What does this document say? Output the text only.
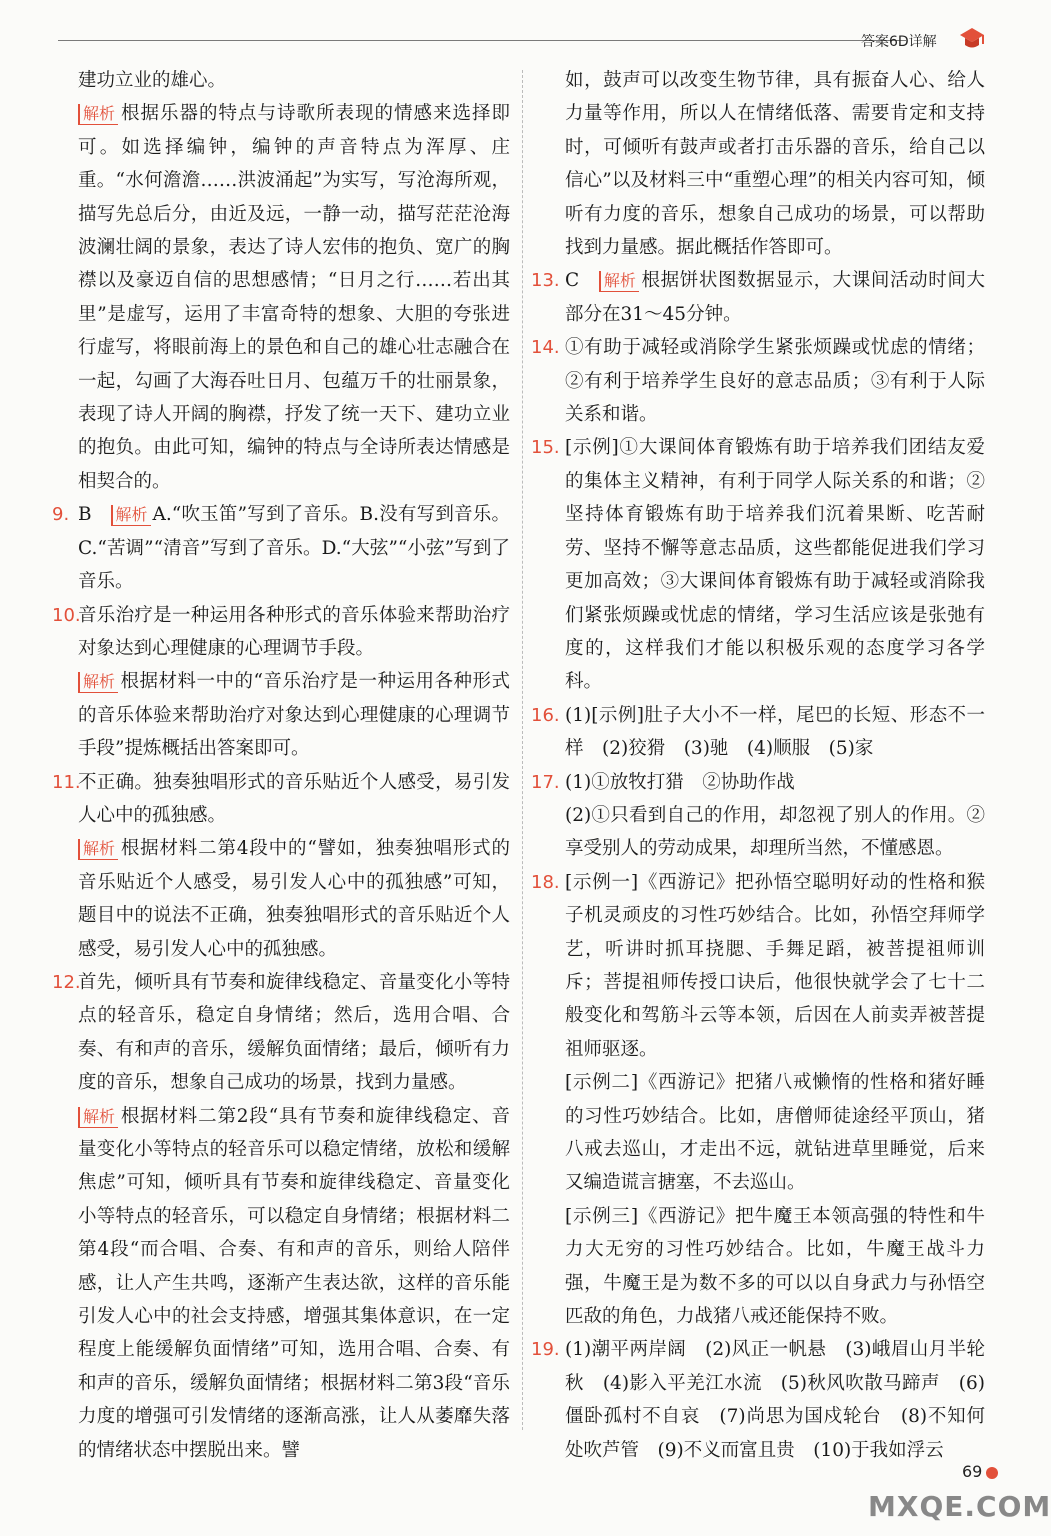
答案6D详解

建功立业的雄心。

解析 根据乐器的特点与诗歌所表现的情感来选择即可。如选择编钟，编钟的声音特点为浑厚、庄重。“水何澹澹……洪波涌起”为实写，写沧海所观，描写先总后分，由近及远，一静一动，描写茫茫沧海波澜壮阔的景象，表达了诗人宏伟的抱负、宽广的胸襟以及豪迈自信的思想感情；“日月之行……若出其里”是虚写，运用了丰富奇特的想象、大胆的夸张进行虚写，将眼前海上的景色和自己的雄心壮志融合在一起，勾画了大海吞吐日月、包蕴万千的壮丽景象，表现了诗人开阔的胸襟，抒发了统一天下、建功立业的抱负。由此可知，编钟的特点与全诗所表达情感是相契合的。

9. B　解析 A.“吹玉笛”写到了音乐。B.没有写到音乐。C.“苦调”“清音”写到了音乐。D.“大弦”“小弦”写到了音乐。

10.
音乐治疗是一种运用各种形式的音乐体验来帮助治疗对象达到心理健康的心理调节手段。

解析 根据材料一中的“音乐治疗是一种运用各种形式的音乐体验来帮助治疗对象达到心理健康的心理调节手段”提炼概括出答案即可。

11.
不正确。独奏独唱形式的音乐贴近个人感受，易引发人心中的孤独感。

解析 根据材料二第4段中的“譬如，独奏独唱形式的音乐贴近个人感受，易引发人心中的孤独感”可知，题目中的说法不正确，独奏独唱形式的音乐贴近个人感受，易引发人心中的孤独感。

12.
首先，倾听具有节奏和旋律线稳定、音量变化小等特点的轻音乐，稳定自身情绪；然后，选用合唱、合奏、有和声的音乐，缓解负面情绪；最后，倾听有力度的音乐，想象自己成功的场景，找到力量感。

解析 根据材料二第2段“具有节奏和旋律线稳定、音量变化小等特点的轻音乐可以稳定情绪，放松和缓解焦虑”可知，倾听具有节奏和旋律线稳定、音量变化小等特点的轻音乐，可以稳定自身情绪；根据材料二第4段“而合唱、合奏、有和声的音乐，则给人陪伴感，让人产生共鸣，逐渐产生表达欲，这样的音乐能引发人心中的社会支持感，增强其集体意识，在一定程度上能缓解负面情绪”可知，选用合唱、合奏、有和声的音乐，缓解负面情绪；根据材料二第3段“音乐力度的增强可引发情绪的逐渐高涨，让人从萎靡失落的情绪状态中摆脱出来。譬

如，鼓声可以改变生物节律，具有振奋人心、给人力量等作用，所以人在情绪低落、需要肯定和支持时，可倾听有鼓声或者打击乐器的音乐，给自己以信心”以及材料三中“重塑心理”的相关内容可知，倾听有力度的音乐，想象自己成功的场景，可以帮助找到力量感。据此概括作答即可。

13. C　解析 根据饼状图数据显示，大课间活动时间大部分在31～45分钟。

14. ①有助于减轻或消除学生紧张烦躁或忧虑的情绪；②有利于培养学生良好的意志品质；③有利于人际关系和谐。

15. [示例]①大课间体育锻炼有助于培养我们团结友爱的集体主义精神，有利于同学人际关系的和谐；②坚持体育锻炼有助于培养我们沉着果断、吃苦耐劳、坚持不懈等意志品质，这些都能促进我们学习更加高效；③大课间体育锻炼有助于减轻或消除我们紧张烦躁或忧虑的情绪，学习生活应该是张弛有度的，这样我们才能以积极乐观的态度学习各学科。

16. (1)[示例]肚子大小不一样，尾巴的长短、形态不一样　(2)狡猾　(3)驰　(4)顺服　(5)家

17. (1)①放牧打猎　②协助作战

(2)①只看到自己的作用，却忽视了别人的作用。②享受别人的劳动成果，却理所当然，不懂感恩。

18. [示例一]《西游记》把孙悟空聪明好动的性格和猴子机灵顽皮的习性巧妙结合。比如，孙悟空拜师学艺，听讲时抓耳挠腮、手舞足蹈，被菩提祖师训斥；菩提祖师传授口诀后，他很快就学会了七十二般变化和驾筋斗云等本领，后因在人前卖弄被菩提祖师驱逐。

[示例二]《西游记》把猪八戒懒惰的性格和猪好睡的习性巧妙结合。比如，唐僧师徒途经平顶山，猪八戒去巡山，才走出不远，就钻进草里睡觉，后来又编造谎言搪塞，不去巡山。

[示例三]《西游记》把牛魔王本领高强的特性和牛力大无穷的习性巧妙结合。比如，牛魔王战斗力强，牛魔王是为数不多的可以以自身武力与孙悟空匹敌的角色，力战猪八戒还能保持不败。

19. (1)潮平两岸阔　(2)风正一帆悬　(3)峨眉山月半轮秋　(4)影入平羌江水流　(5)秋风吹散马蹄声　(6)僵卧孤村不自哀　(7)尚思为国戍轮台　(8)不知何处吹芦管　(9)不义而富且贵　(10)于我如浮云

69
MXQE.COM
